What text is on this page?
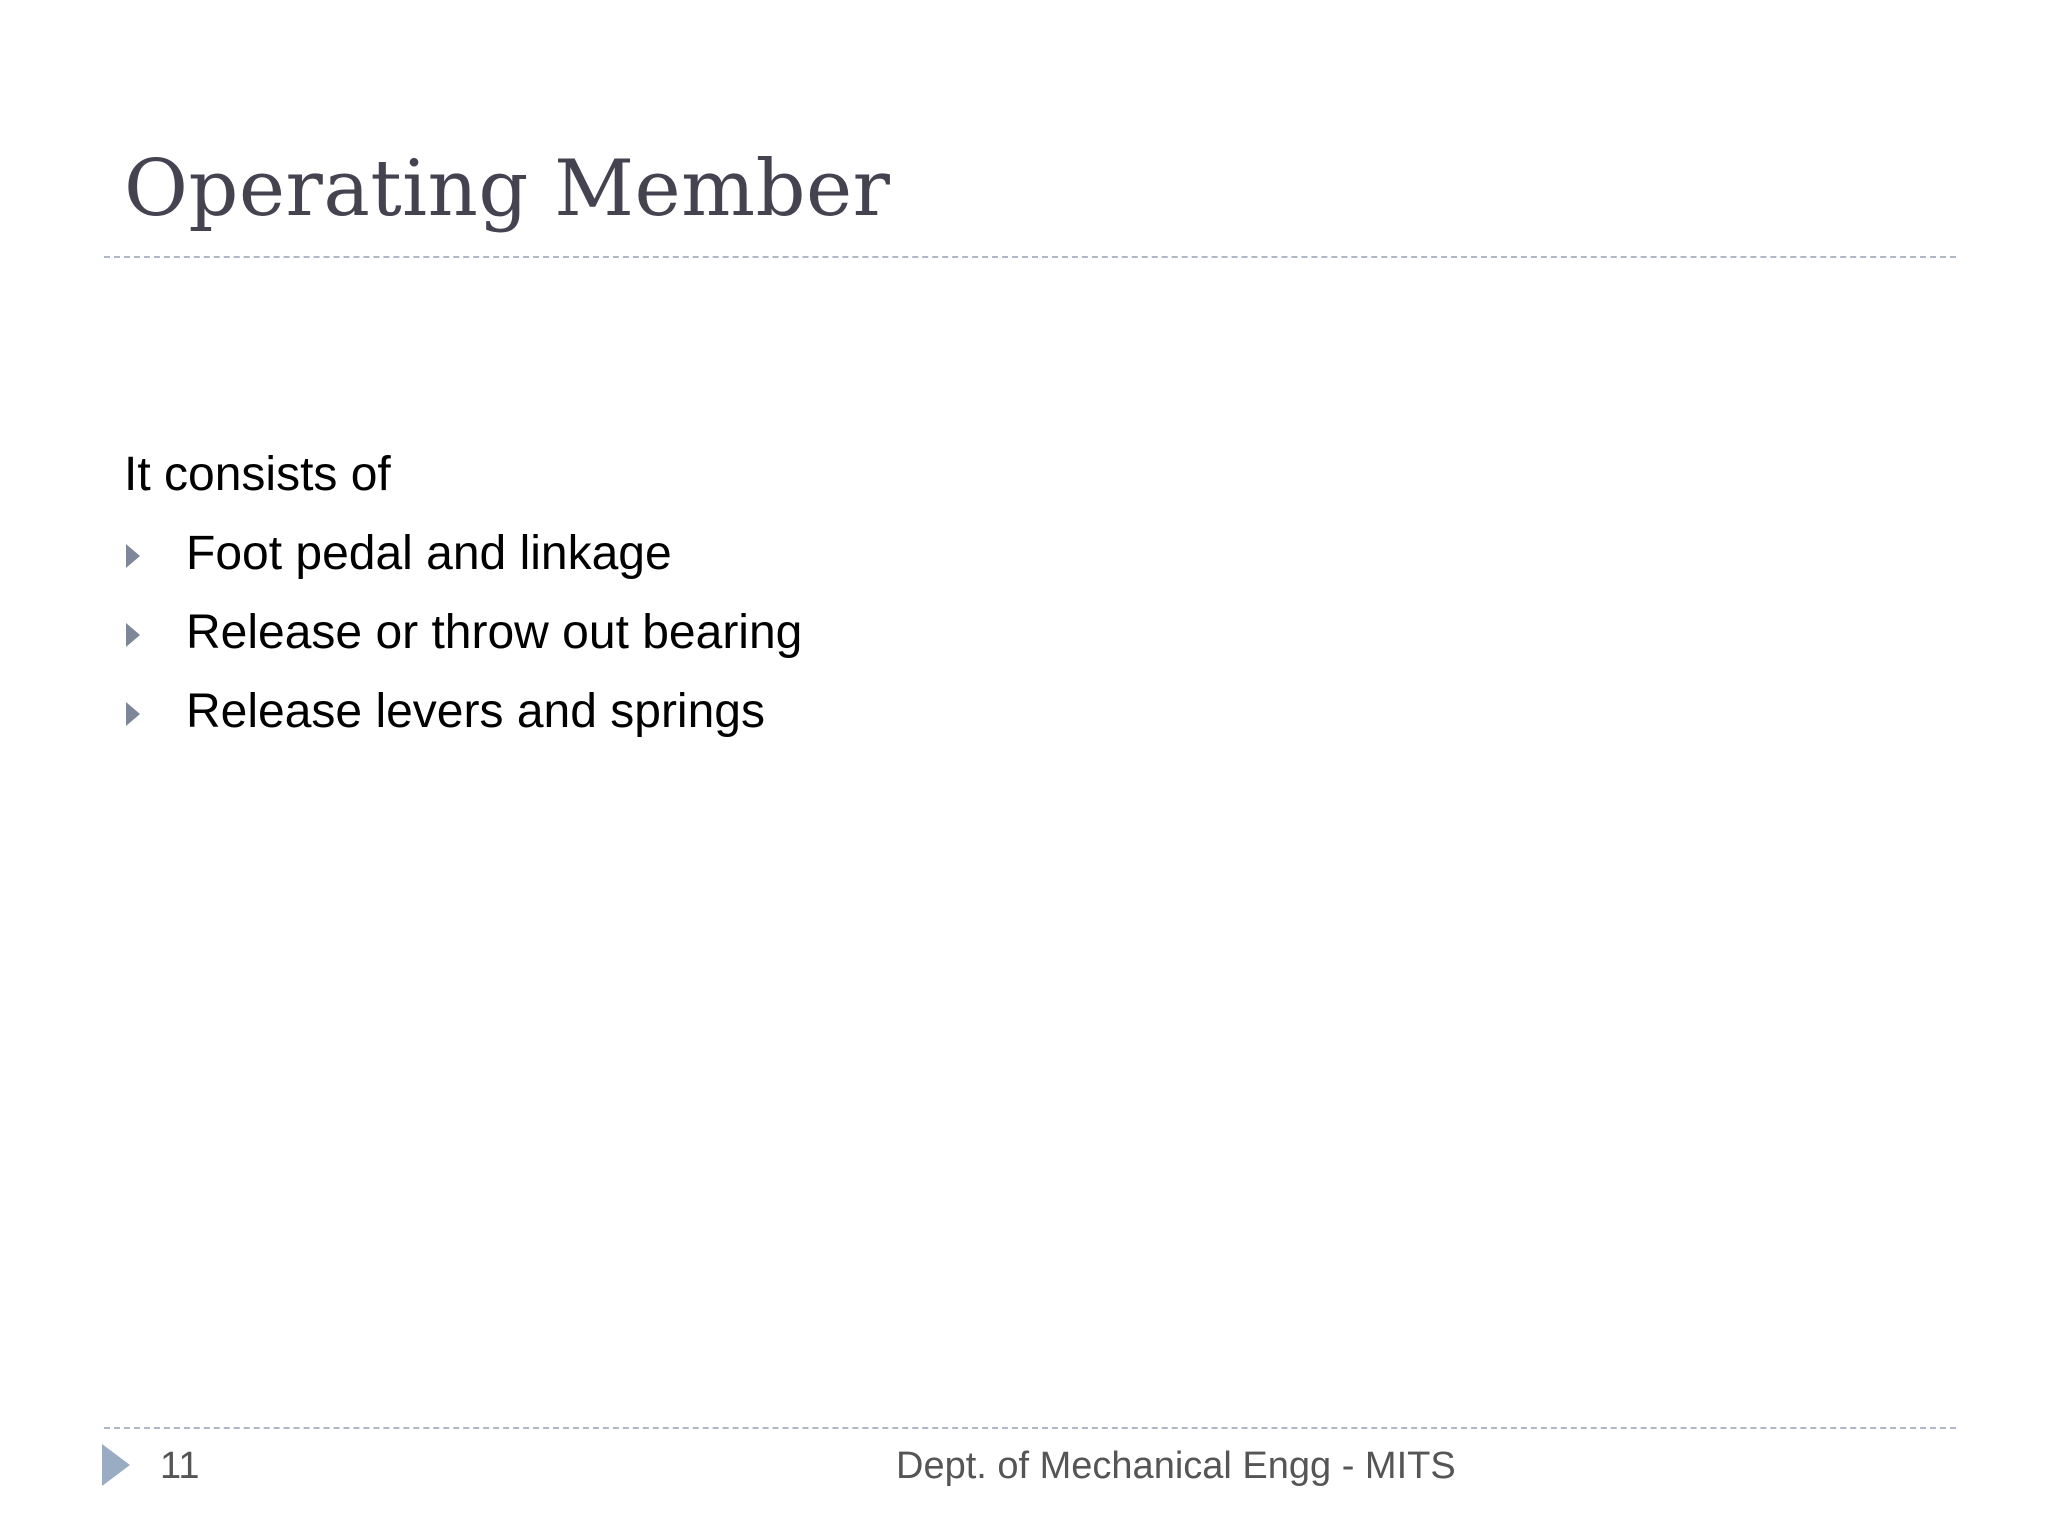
Operating Member

It consists of

Foot pedal and linkage
Release or throw out bearing
Release levers and springs
11	Dept. of Mechanical Engg - MITS
